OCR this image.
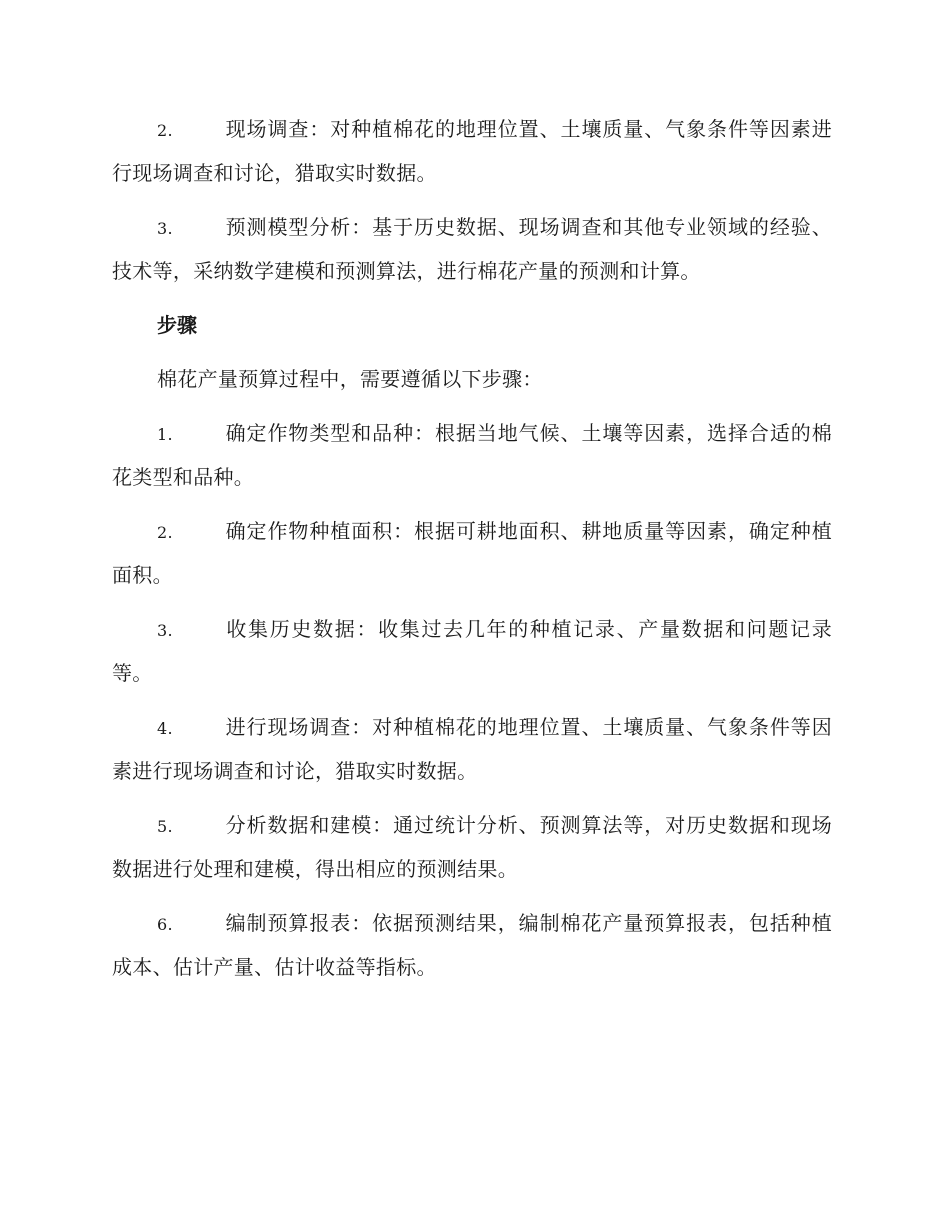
2.	现场调查：对种植棉花的地理位置、土壤质量、气象条件等因素进行现场调查和讨论，猎取实时数据。

3.	预测模型分析：基于历史数据、现场调查和其他专业领域的经验、技术等，采纳数学建模和预测算法，进行棉花产量的预测和计算。

步骤

棉花产量预算过程中，需要遵循以下步骤：

1.	确定作物类型和品种：根据当地气候、土壤等因素，选择合适的棉花类型和品种。

2.	确定作物种植面积：根据可耕地面积、耕地质量等因素，确定种植面积。

3.	收集历史数据：收集过去几年的种植记录、产量数据和问题记录等。

4.	进行现场调查：对种植棉花的地理位置、土壤质量、气象条件等因素进行现场调查和讨论，猎取实时数据。

5.	分析数据和建模：通过统计分析、预测算法等，对历史数据和现场数据进行处理和建模，得出相应的预测结果。

6.	编制预算报表：依据预测结果，编制棉花产量预算报表，包括种植成本、估计产量、估计收益等指标。
